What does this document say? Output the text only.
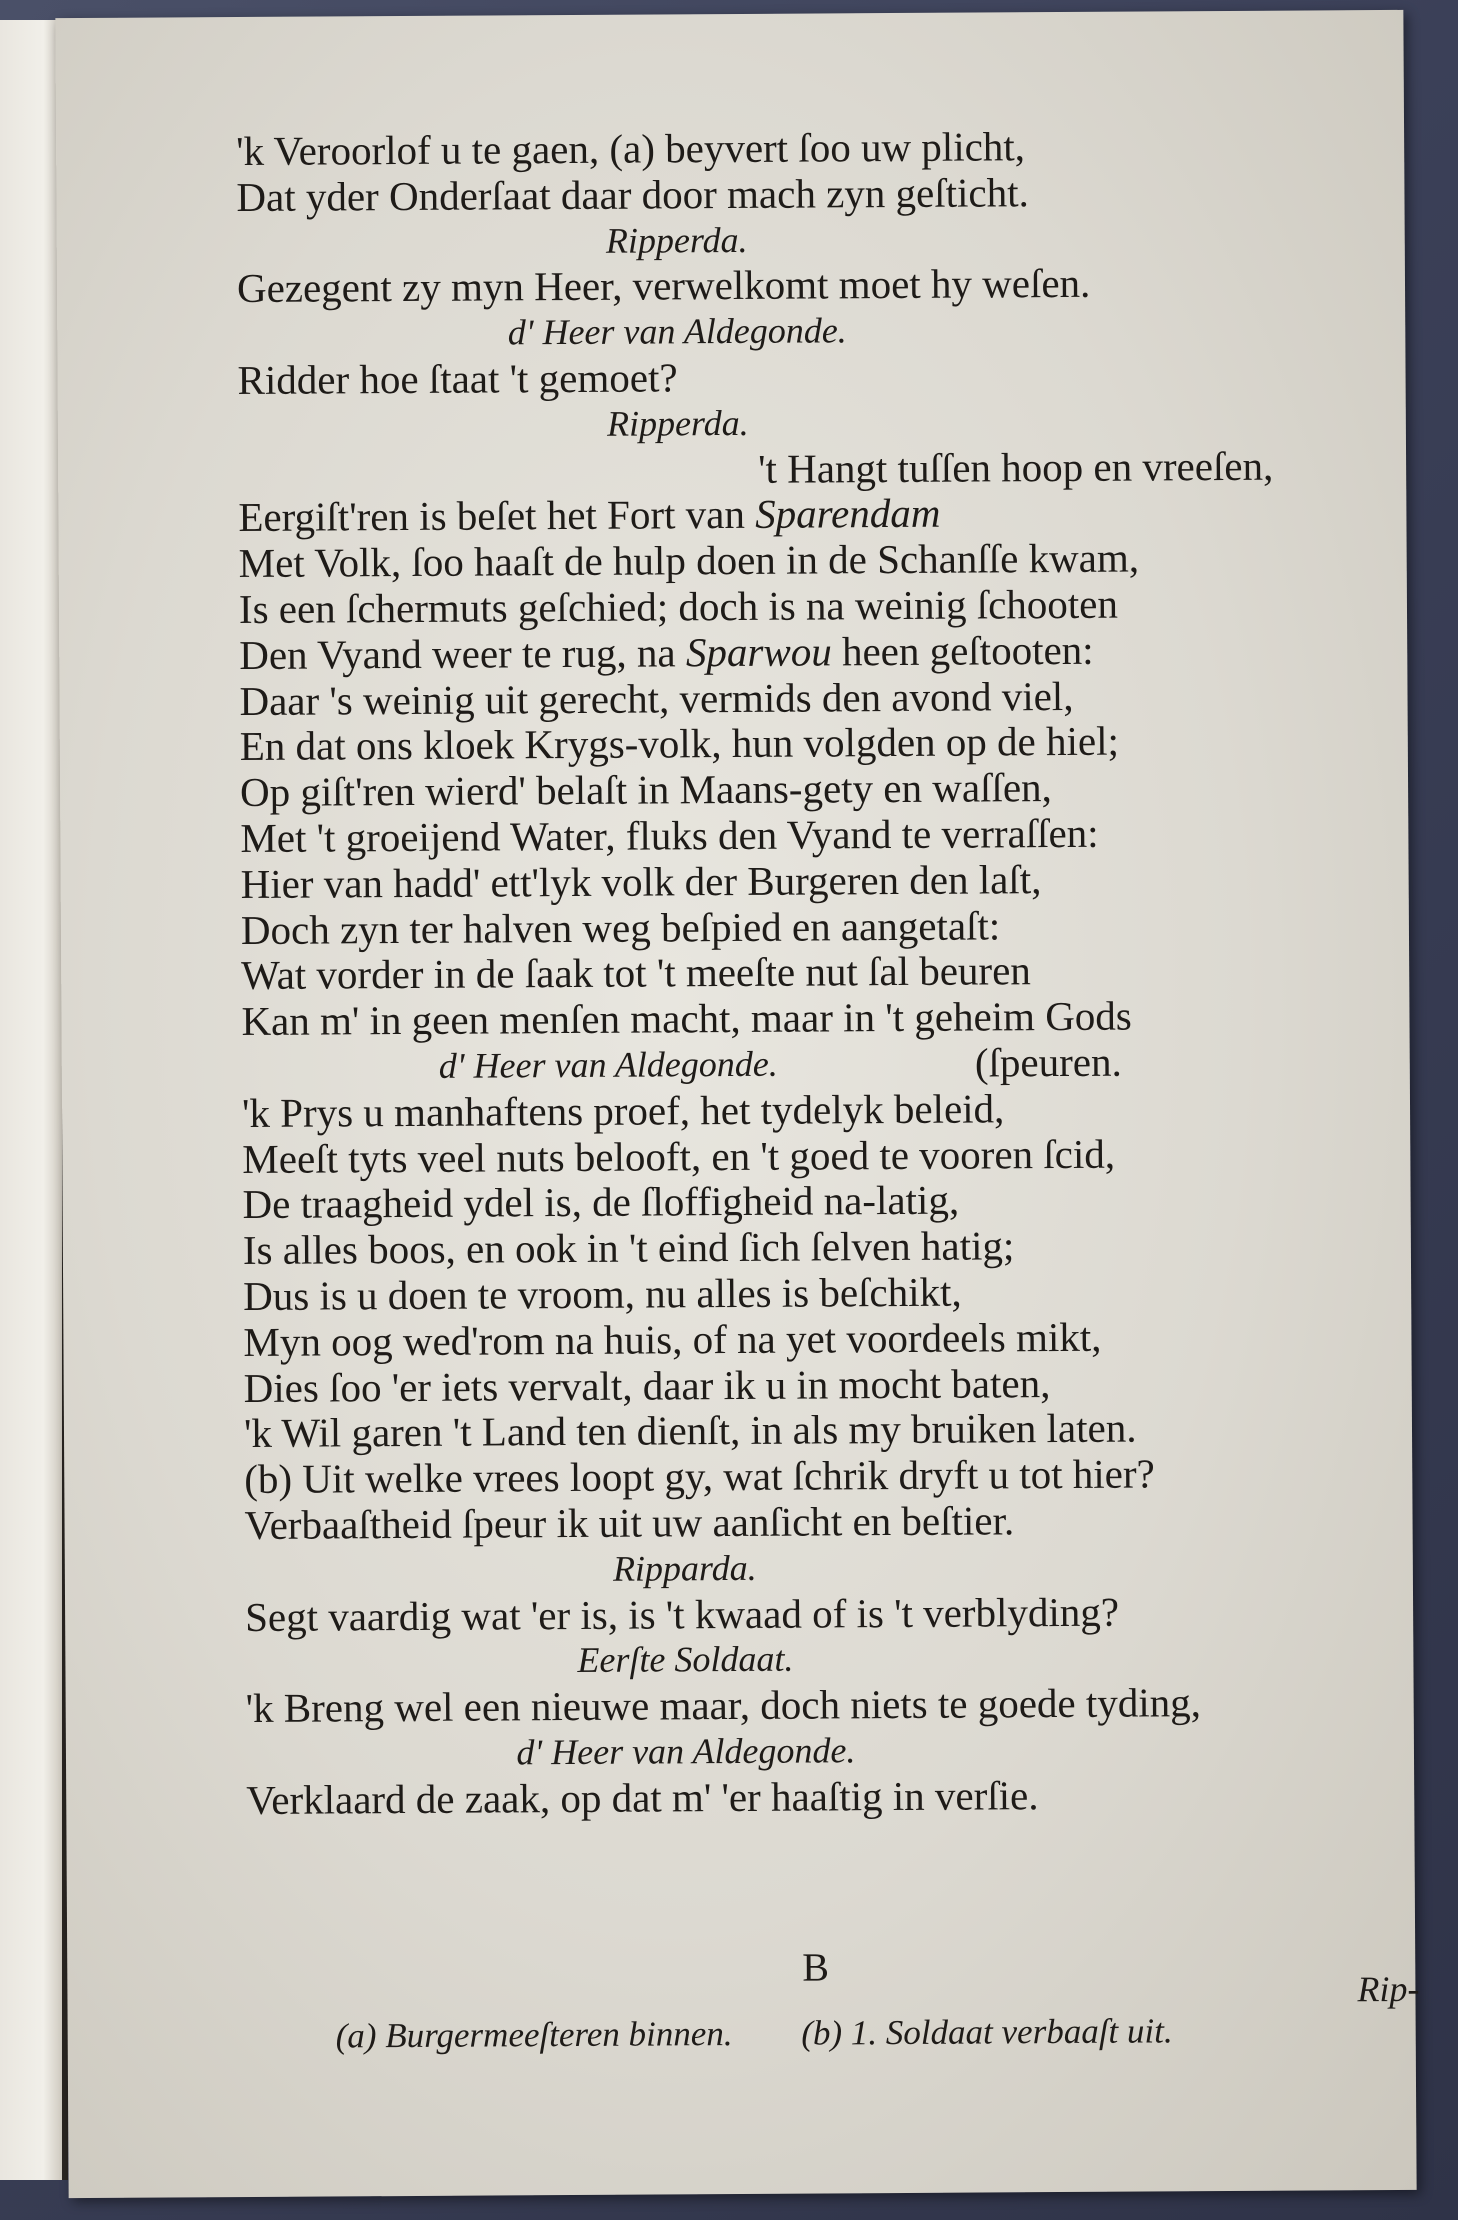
'k Veroorlof u te gaen, (a) beyvert ſoo uw plicht,
Dat yder Onderſaat daar door mach zyn geſticht.
Ripperda.
Gezegent zy myn Heer, verwelkomt moet hy weſen.
d' Heer van Aldegonde.
Ridder hoe ſtaat 't gemoet?
Ripperda.
't Hangt tuſſen hoop en vreeſen,
Eergiſt'ren is beſet het Fort van Sparendam
Met Volk, ſoo haaſt de hulp doen in de Schanſſe kwam,
Is een ſchermuts geſchied; doch is na weinig ſchooten
Den Vyand weer te rug, na Sparwou heen geſtooten:
Daar 's weinig uit gerecht, vermids den avond viel,
En dat ons kloek Krygs-volk, hun volgden op de hiel;
Op giſt'ren wierd' belaſt in Maans-gety en waſſen,
Met 't groeijend Water, fluks den Vyand te verraſſen:
Hier van hadd' ett'lyk volk der Burgeren den laſt,
Doch zyn ter halven weg beſpied en aangetaſt:
Wat vorder in de ſaak tot 't meeſte nut ſal beuren
Kan m' in geen menſen macht, maar in 't geheim Gods
(ſpeuren.
d' Heer van Aldegonde.
'k Prys u manhaftens proef, het tydelyk beleid,
Meeſt tyts veel nuts belooft, en 't goed te vooren ſcid,
De traagheid ydel is, de ſloffigheid na-latig,
Is alles boos, en ook in 't eind ſich ſelven hatig;
Dus is u doen te vroom, nu alles is beſchikt,
Myn oog wed'rom na huis, of na yet voordeels mikt,
Dies ſoo 'er iets vervalt, daar ik u in mocht baten,
'k Wil garen 't Land ten dienſt, in als my bruiken laten.
(b) Uit welke vrees loopt gy, wat ſchrik dryft u tot hier?
Verbaaſtheid ſpeur ik uit uw aanſicht en beſtier.
Ripparda.
Segt vaardig wat 'er is, is 't kwaad of is 't verblyding?
Eerſte Soldaat.
'k Breng wel een nieuwe maar, doch niets te goede tyding,
d' Heer van Aldegonde.
Verklaard de zaak, op dat m' 'er haaſtig in verſie.
B	Rip-
(a) Burgermeeſteren binnen. (b) 1. Soldaat verbaaſt uit.
